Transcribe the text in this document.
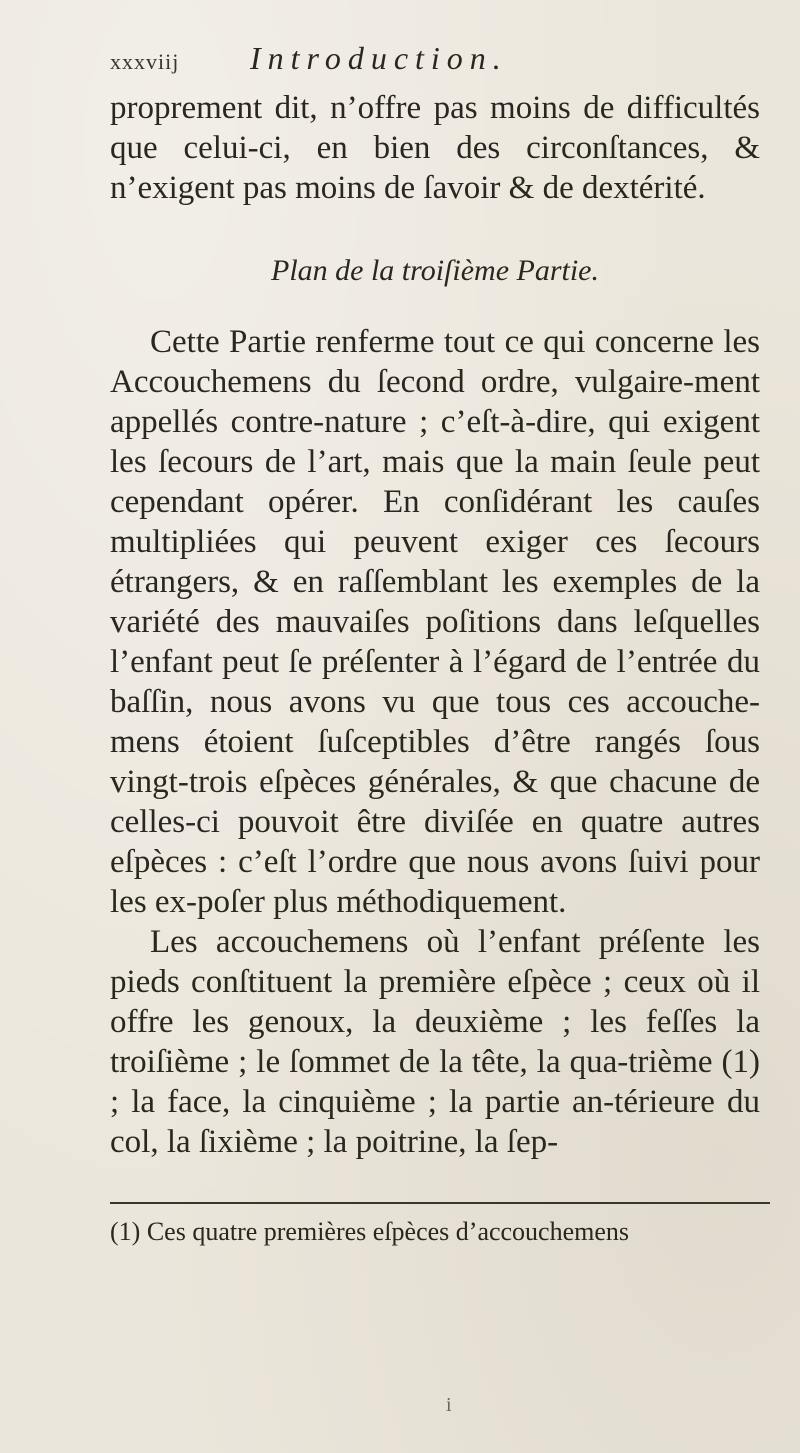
xxxviij	Introduction.

proprement dit, n’offre pas moins de difficultés que celui-ci, en bien des circonſtances, & n’exigent pas moins de ſavoir & de dextérité.

Plan de la troiſième Partie.

Cette Partie renferme tout ce qui concerne les Accouchemens du ſecond ordre, vulgaire-ment appellés contre-nature ; c’eſt-à-dire, qui exigent les ſecours de l’art, mais que la main ſeule peut cependant opérer. En conſidérant les cauſes multipliées qui peuvent exiger ces ſecours étrangers, & en raſſemblant les exemples de la variété des mauvaiſes poſitions dans leſquelles l’enfant peut ſe préſenter à l’égard de l’entrée du baſſin, nous avons vu que tous ces accouche-mens étoient ſuſceptibles d’être rangés ſous vingt-trois eſpèces générales, & que chacune de celles-ci pouvoit être diviſée en quatre autres eſpèces : c’eſt l’ordre que nous avons ſuivi pour les ex-poſer plus méthodiquement.

Les accouchemens où l’enfant préſente les pieds conſtituent la première eſpèce ; ceux où il offre les genoux, la deuxième ; les feſſes la troiſième ; le ſommet de la tête, la qua-trième (1) ; la face, la cinquième ; la partie an-térieure du col, la ſixième ; la poitrine, la ſep-

(1) Ces quatre premières eſpèces d’accouchemens
i
